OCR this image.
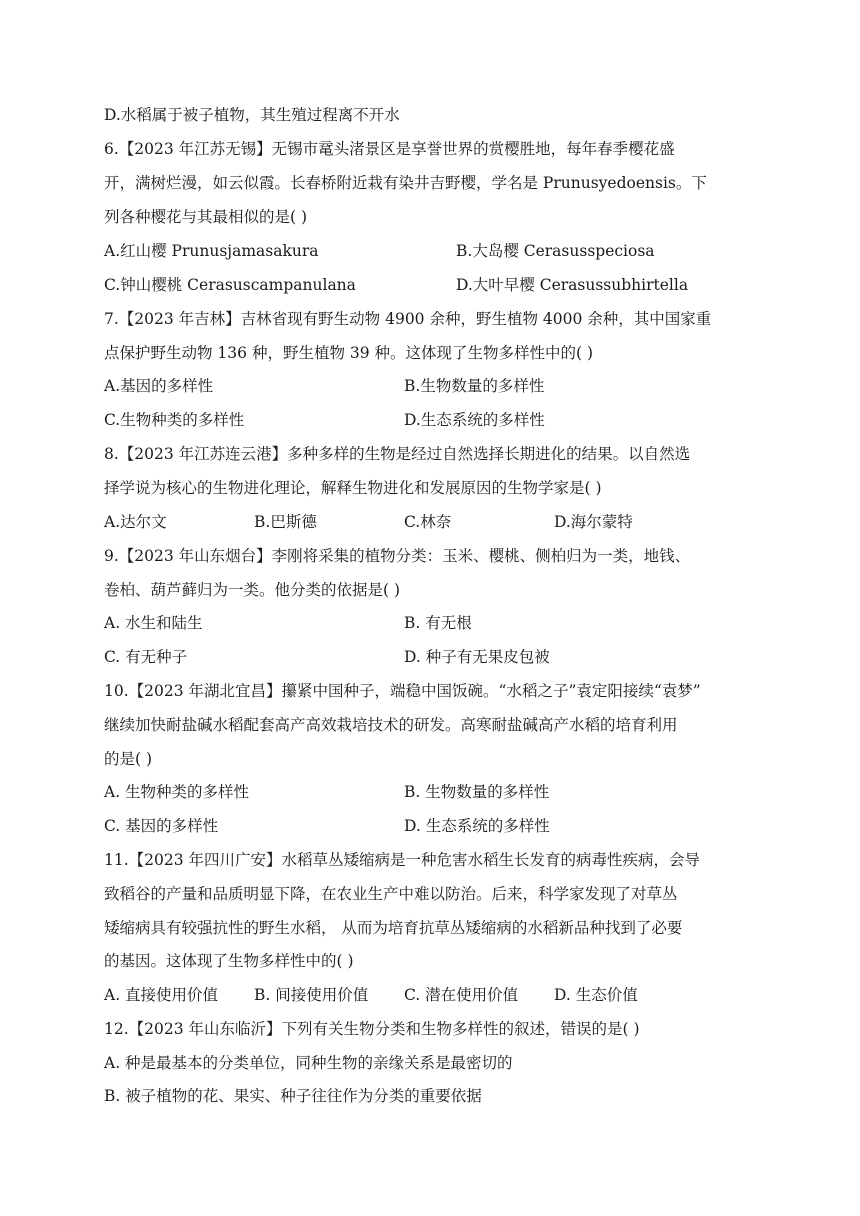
D.水稻属于被子植物，其生殖过程离不开水
6.【2023 年江苏无锡】无锡市鼋头渚景区是享誉世界的赏樱胜地，每年春季樱花盛
开，满树烂漫，如云似霞。长春桥附近栽有染井吉野樱，学名是 Prunusyedoensis。下
列各种樱花与其最相似的是( )
A.红山樱 Prunusjamasakura	B.大岛樱 Cerasusspeciosa
C.钟山樱桃 Cerasuscampanulana	D.大叶早樱 Cerasussubhirtella
7.【2023 年吉林】吉林省现有野生动物 4900 余种，野生植物 4000 余种，其中国家重
点保护野生动物 136 种，野生植物 39 种。这体现了生物多样性中的( )
A.基因的多样性	B.生物数量的多样性
C.生物种类的多样性	D.生态系统的多样性
8.【2023 年江苏连云港】多种多样的生物是经过自然选择长期进化的结果。以自然选
择学说为核心的生物进化理论，解释生物进化和发展原因的生物学家是( )
A.达尔文	B.巴斯德	C.林奈	D.海尔蒙特
9.【2023 年山东烟台】李刚将采集的植物分类：玉米、樱桃、侧柏归为一类，地钱、
卷柏、葫芦藓归为一类。他分类的依据是( )
A. 水生和陆生	B. 有无根
C. 有无种子	D. 种子有无果皮包被
10.【2023 年湖北宜昌】攥紧中国种子，端稳中国饭碗。“水稻之子”袁定阳接续“袁梦”
继续加快耐盐碱水稻配套高产高效栽培技术的研发。高寒耐盐碱高产水稻的培育利用
的是( )
A. 生物种类的多样性	B. 生物数量的多样性
C. 基因的多样性	D. 生态系统的多样性
11.【2023 年四川广安】水稻草丛矮缩病是一种危害水稻生长发育的病毒性疾病，会导
致稻谷的产量和品质明显下降，在农业生产中难以防治。后来，科学家发现了对草丛
矮缩病具有较强抗性的野生水稻， 从而为培育抗草丛矮缩病的水稻新品种找到了必要
的基因。这体现了生物多样性中的( )
A. 直接使用价值 B. 间接使用价值 C. 潜在使用价值 D. 生态价值
12.【2023 年山东临沂】下列有关生物分类和生物多样性的叙述，错误的是( )
A. 种是最基本的分类单位，同种生物的亲缘关系是最密切的
B. 被子植物的花、果实、种子往往作为分类的重要依据
